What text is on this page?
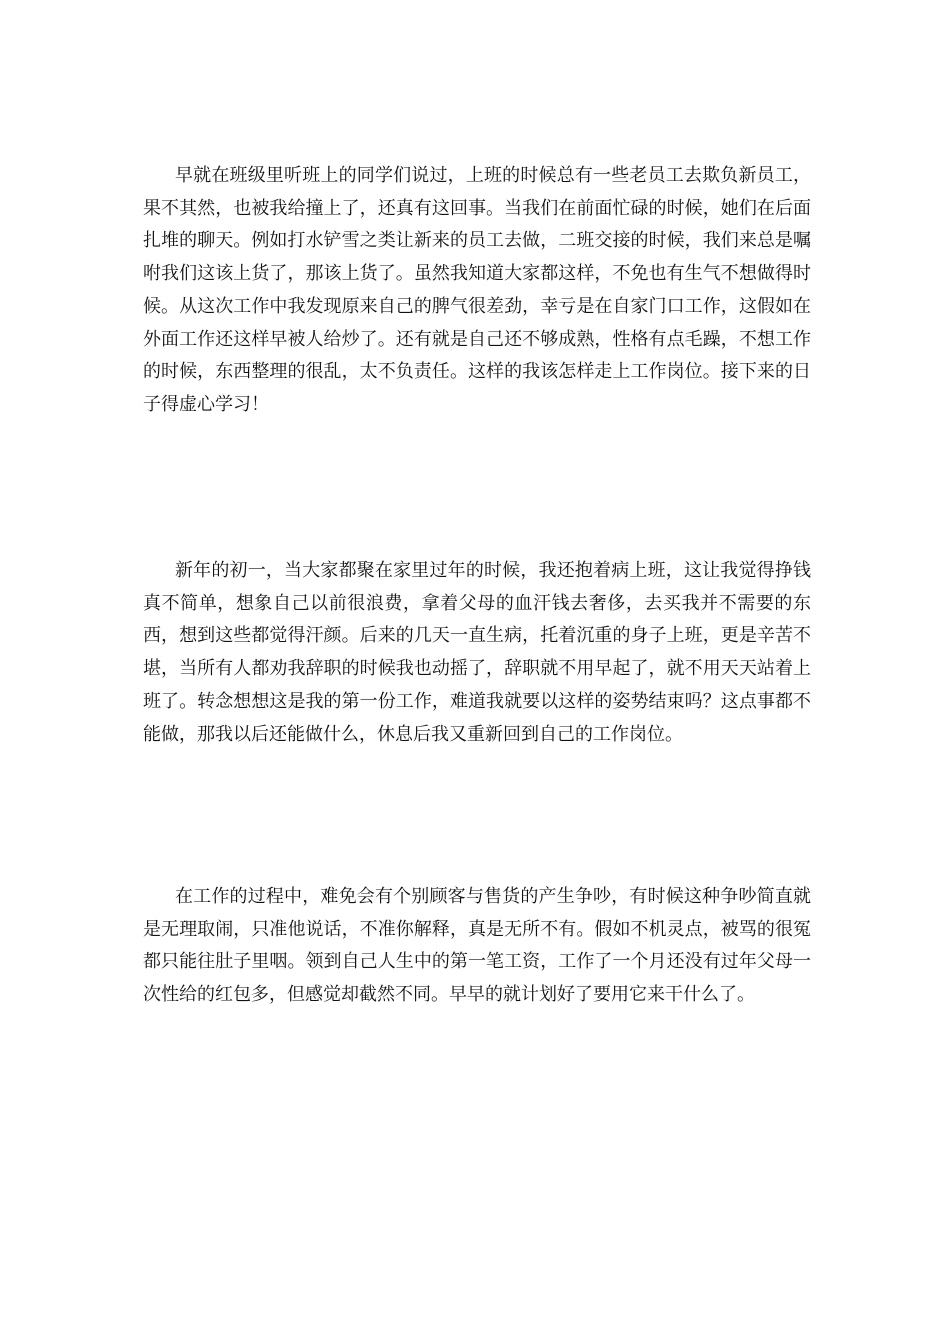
早就在班级里听班上的同学们说过，上班的时候总有一些老员工去欺负新员工，果不其然，也被我给撞上了，还真有这回事。当我们在前面忙碌的时候，她们在后面扎堆的聊天。例如打水铲雪之类让新来的员工去做，二班交接的时候，我们来总是嘱咐我们这该上货了，那该上货了。虽然我知道大家都这样，不免也有生气不想做得时候。从这次工作中我发现原来自己的脾气很差劲，幸亏是在自家门口工作，这假如在外面工作还这样早被人给炒了。还有就是自己还不够成熟，性格有点毛躁，不想工作的时候，东西整理的很乱，太不负责任。这样的我该怎样走上工作岗位。接下来的日子得虚心学习！

新年的初一，当大家都聚在家里过年的时候，我还抱着病上班，这让我觉得挣钱真不简单，想象自己以前很浪费，拿着父母的血汗钱去奢侈，去买我并不需要的东西，想到这些都觉得汗颜。后来的几天一直生病，托着沉重的身子上班，更是辛苦不堪，当所有人都劝我辞职的时候我也动摇了，辞职就不用早起了，就不用天天站着上班了。转念想想这是我的第一份工作，难道我就要以这样的姿势结束吗？这点事都不能做，那我以后还能做什么，休息后我又重新回到自己的工作岗位。

在工作的过程中，难免会有个别顾客与售货的产生争吵，有时候这种争吵简直就是无理取闹，只准他说话，不准你解释，真是无所不有。假如不机灵点，被骂的很冤都只能往肚子里咽。领到自己人生中的第一笔工资，工作了一个月还没有过年父母一次性给的红包多，但感觉却截然不同。早早的就计划好了要用它来干什么了。
